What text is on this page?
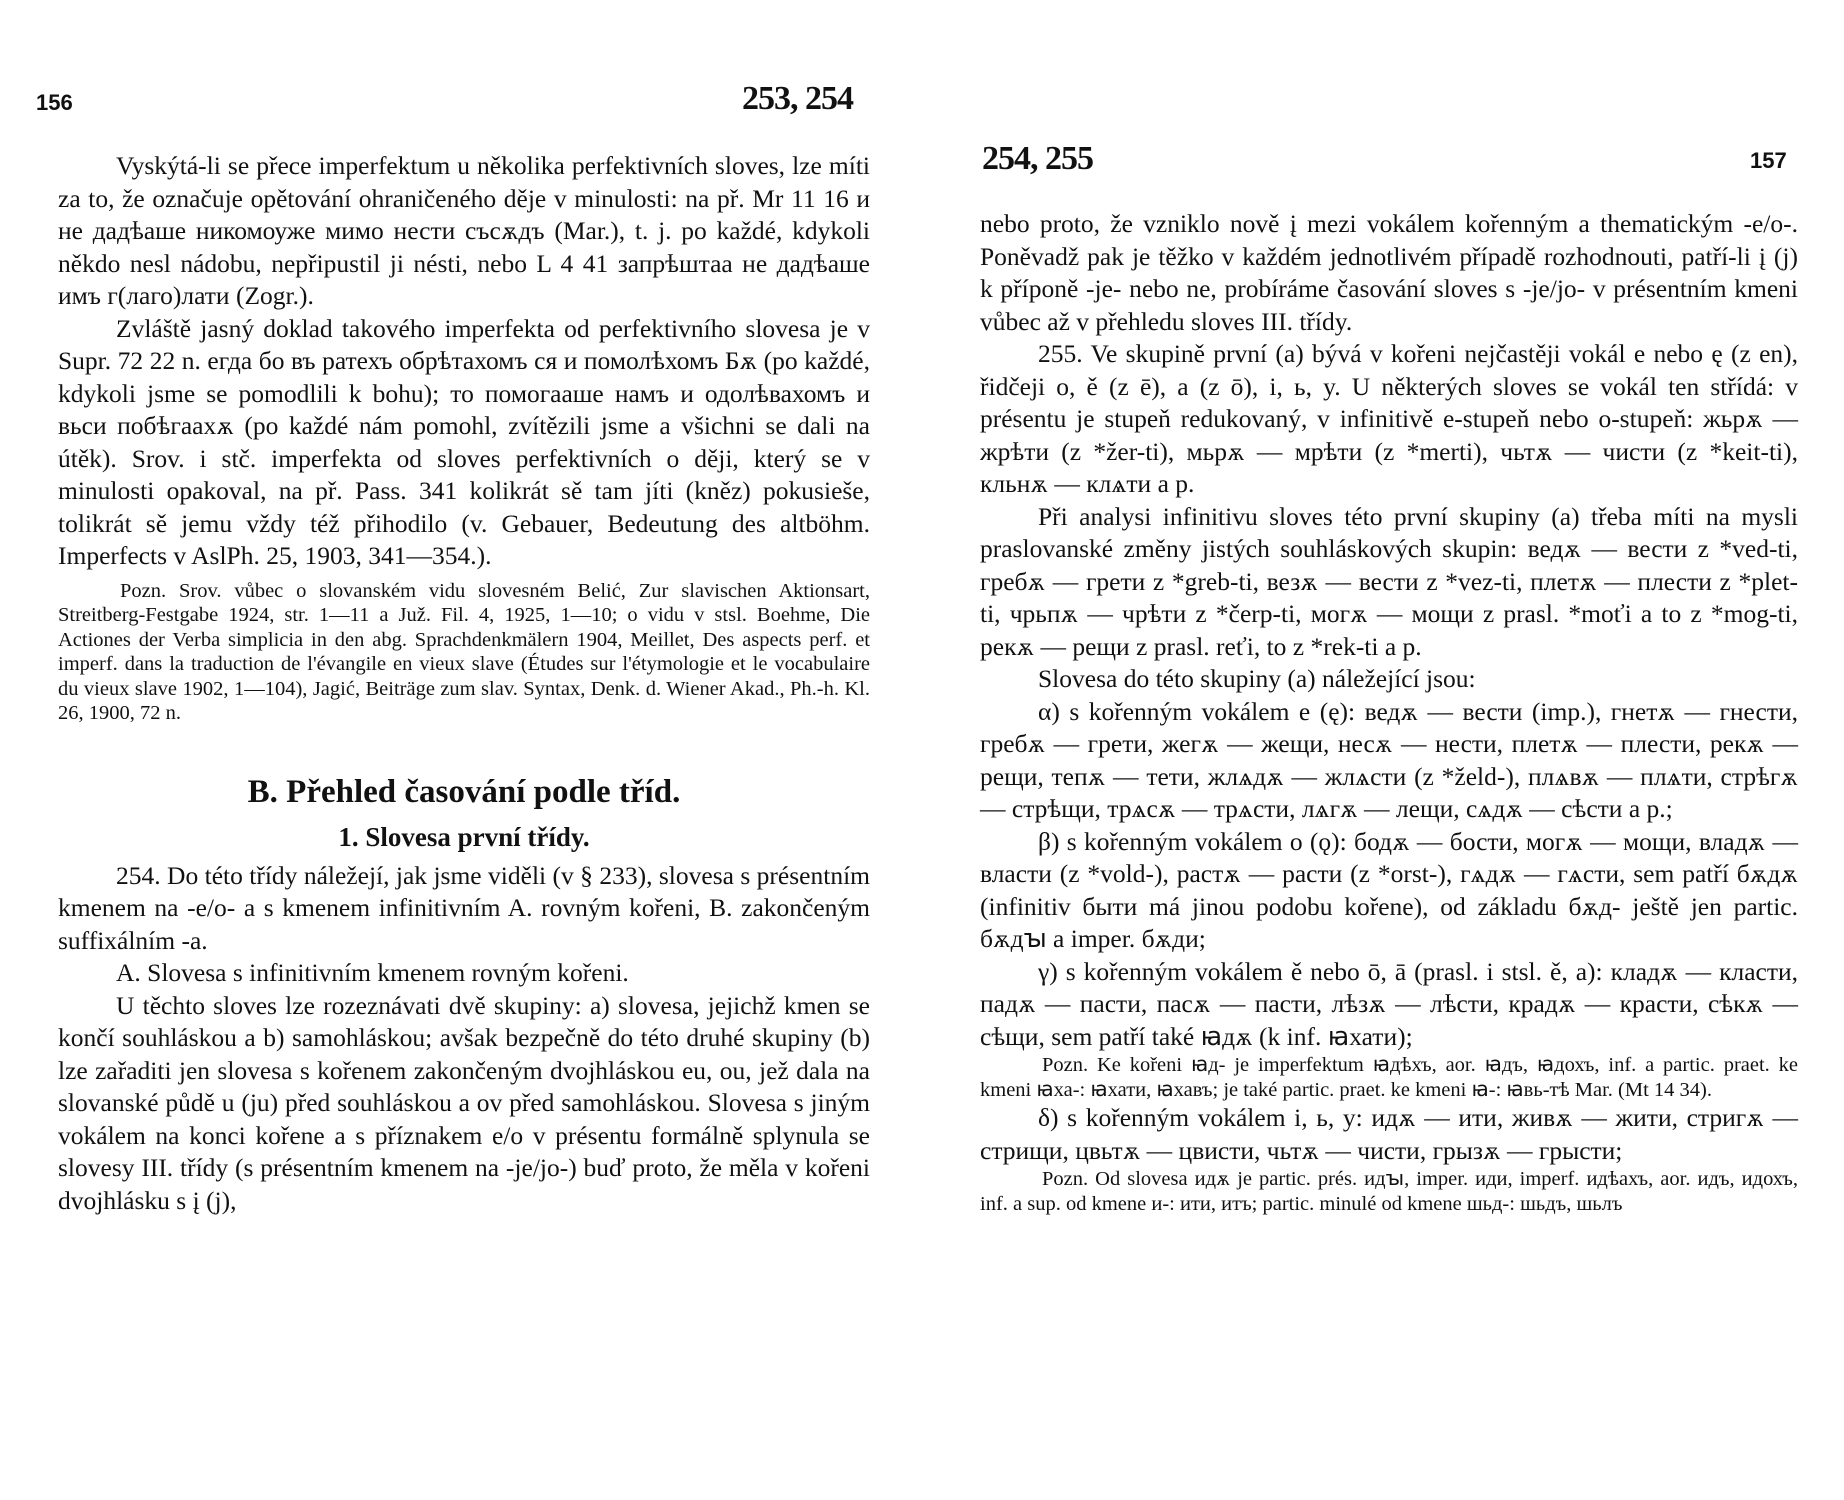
156	253, 254

Vyskýtá-li se přece imperfektum u několika perfektivních sloves, lze míti za to, že označuje opětování ohraničeného děje v minulosti: na př. Mr 11 16 и не дадѣаше никомоуже мимо нести съсѫдъ (Mar.), t. j. po každé, kdykoli někdo nesl nádobu, nepřipustil ji nésti, nebo L 4 41 запрѣштаа не дадѣаше имъ г(лаго)лати (Zogr.).

Zvláště jasný doklad takového imperfekta od perfektivního slovesa je v Supr. 72 22 n. егда бо въ ратехъ обрѣтахомъ ся и помолѣхомъ Бѫ (po každé, kdykoli jsme se pomodlili k bohu); то помогааше намъ и одолѣвахомъ и вьси побѣгаахѫ (po každé nám pomohl, zvítězili jsme a všichni se dali na útěk). Srov. i stč. imperfekta od sloves perfektivních o ději, který se v minulosti opakoval, na př. Pass. 341 kolikrát sě tam jíti (kněz) pokusieše, tolikrát sě jemu vždy též přihodilo (v. Gebauer, Bedeutung des altböhm. Imperfects v AslPh. 25, 1903, 341—354.).

Pozn. Srov. vůbec o slovanském vidu slovesném Belić, Zur slavischen Aktionsart, Streitberg-Festgabe 1924, str. 1—11 a Juž. Fil. 4, 1925, 1—10; o vidu v stsl. Boehme, Die Actiones der Verba simplicia in den abg. Sprachdenkmälern 1904, Meillet, Des aspects perf. et imperf. dans la traduction de l'évangile en vieux slave (Études sur l'étymologie et le vocabulaire du vieux slave 1902, 1—104), Jagić, Beiträge zum slav. Syntax, Denk. d. Wiener Akad., Ph.-h. Kl. 26, 1900, 72 n.

B. Přehled časování podle tříd.
1. Slovesa první třídy.

254. Do této třídy náležejí, jak jsme viděli (v § 233), slovesa s présentním kmenem na -e/o- a s kmenem infinitivním A. rovným kořeni, B. zakončeným suffixálním -a.

A. Slovesa s infinitivním kmenem rovným kořeni.

U těchto sloves lze rozeznávati dvě skupiny: a) slovesa, jejichž kmen se končí souhláskou a b) samohláskou; avšak bezpečně do této druhé skupiny (b) lze zařaditi jen slovesa s kořenem zakončeným dvojhláskou eu, ou, jež dala na slovanské půdě u (ju) před souhláskou a ov před samohláskou. Slovesa s jiným vokálem na konci kořene a s příznakem e/o v présentu formálně splynula se slovesy III. třídy (s présentním kmenem na -je/jo-) buď proto, že měla v kořeni dvojhlásku s į (j),

254, 255	157

nebo proto, že vzniklo nově į mezi vokálem kořenným a thematickým -e/o-. Poněvadž pak je těžko v každém jednotlivém případě rozhodnouti, patří-li į (j) k příponě -je- nebo ne, probíráme časování sloves s -je/jo- v présentním kmeni vůbec až v přehledu sloves III. třídy.

255. Ve skupině první (a) bývá v kořeni nejčastěji vokál e nebo ę (z en), řidčeji o, ě (z ē), a (z ō), i, ь, y. U některých sloves se vokál ten střídá: v présentu je stupeň redukovaný, v infinitivě e-stupeň nebo o-stupeň: жьрѫ — жрѣти (z *žer-ti), мьрѫ — мрѣти (z *merti), чьтѫ — чисти (z *keit-ti), кльнѫ — клѧти a p.

Při analysi infinitivu sloves této první skupiny (a) třeba míti na mysli praslovanské změny jistých souhláskových skupin: ведѫ — вести z *ved-ti, гребѫ — грети z *greb-ti, везѫ — вести z *vez-ti, плетѫ — плести z *plet-ti, чрьпѫ — чрѣти z *čerp-ti, могѫ — мощи z prasl. *moťi a to z *mog-ti, рекѫ — рещи z prasl. reťi, to z *rek-ti a p.

Slovesa do této skupiny (a) náležející jsou:

α) s kořenným vokálem e (ę): ведѫ — вести (imp.), гнетѫ — гнести, гребѫ — грети, жегѫ — жещи, несѫ — нести, плетѫ — плести, рекѫ — рещи, тепѫ — тети, жлѧдѫ — жлѧсти (z *želd-), плѧвѫ — плѧти, стрѣгѫ — стрѣщи, трѧсѫ — трѧсти, лѧгѫ — лещи, сѧдѫ — сѣсти a p.;

β) s kořenným vokálem o (ǫ): бодѫ — бости, могѫ — мощи, владѫ — власти (z *vold-), растѫ — расти (z *orst-), гѧдѫ — гѧсти, sem patří бѫдѫ (infinitiv быти má jinou podobu kořene), od základu бѫд- ještě jen partic. бѫдꙑ a imper. бѫди;

γ) s kořenným vokálem ě nebo ō, ā (prasl. i stsl. ě, a): кладѫ — класти, падѫ — пасти, пасѫ — пасти, лѣзѫ — лѣсти, крадѫ — красти, сѣкѫ — сѣщи, sem patří také ꙗдѫ (k inf. ꙗхати);

Pozn. Ke kořeni ꙗд- je imperfektum ꙗдѣхъ, aor. ꙗдъ, ꙗдохъ, inf. a partic. praet. ke kmeni ꙗха-: ꙗхати, ꙗхавъ; je také partic. praet. ke kmeni ꙗ-: ꙗвь-тѣ Mar. (Mt 14 34).

δ) s kořenným vokálem i, ь, y: идѫ — ити, живѫ — жити, стригѫ — стрищи, цвьтѫ — цвисти, чьтѫ — чисти, грызѫ — грысти;

Pozn. Od slovesa идѫ je partic. prés. идꙑ, imper. иди, imperf. идѣахъ, aor. идъ, идохъ, inf. a sup. od kmene и-: ити, итъ; partic. minulé od kmene шьд-: шьдъ, шьлъ
